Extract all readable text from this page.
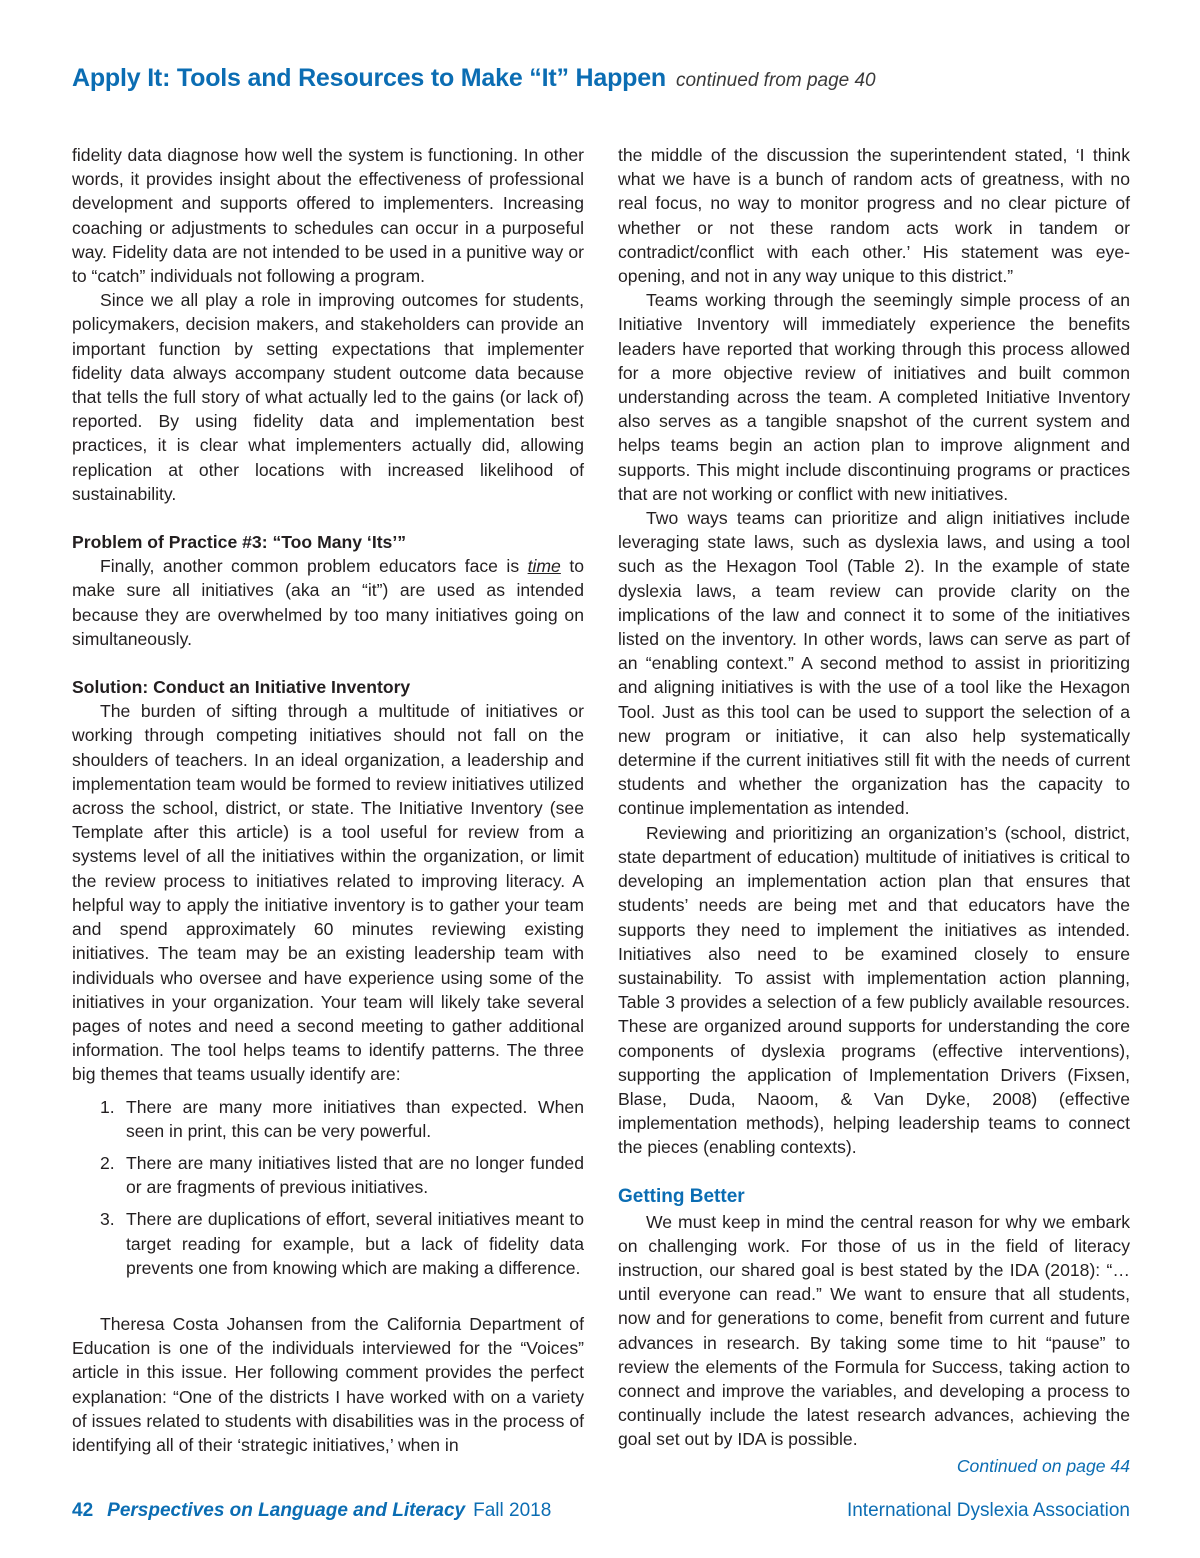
Apply It: Tools and Resources to Make “It” Happen continued from page 40

fidelity data diagnose how well the system is functioning. In other words, it provides insight about the effectiveness of professional development and supports offered to implementers. Increasing coaching or adjustments to schedules can occur in a purposeful way. Fidelity data are not intended to be used in a punitive way or to “catch” individuals not following a program.

Since we all play a role in improving outcomes for students, policymakers, decision makers, and stakeholders can provide an important function by setting expectations that implementer fidelity data always accompany student outcome data because that tells the full story of what actually led to the gains (or lack of) reported. By using fidelity data and implementation best practices, it is clear what implementers actually did, allowing replication at other locations with increased likelihood of sustainability.

Problem of Practice #3: “Too Many ‘Its’”

Finally, another common problem educators face is time to make sure all initiatives (aka an “it”) are used as intended because they are overwhelmed by too many initiatives going on simultaneously.

Solution: Conduct an Initiative Inventory

The burden of sifting through a multitude of initiatives or working through competing initiatives should not fall on the shoulders of teachers. In an ideal organization, a leadership and implementation team would be formed to review initiatives utilized across the school, district, or state. The Initiative Inventory (see Template after this article) is a tool useful for review from a systems level of all the initiatives within the organization, or limit the review process to initiatives related to improving literacy. A helpful way to apply the initiative inventory is to gather your team and spend approximately 60 minutes reviewing existing initiatives. The team may be an existing leadership team with individuals who oversee and have experience using some of the initiatives in your organization. Your team will likely take several pages of notes and need a second meeting to gather additional information. The tool helps teams to identify patterns. The three big themes that teams usually identify are:

1. There are many more initiatives than expected. When seen in print, this can be very powerful.
2. There are many initiatives listed that are no longer funded or are fragments of previous initiatives.
3. There are duplications of effort, several initiatives meant to target reading for example, but a lack of fidelity data prevents one from knowing which are making a difference.

Theresa Costa Johansen from the California Department of Education is one of the individuals interviewed for the “Voices” article in this issue. Her following comment provides the perfect explanation: “One of the districts I have worked with on a variety of issues related to students with disabilities was in the process of identifying all of their ‘strategic initiatives,’ when in

the middle of the discussion the superintendent stated, ‘I think what we have is a bunch of random acts of greatness, with no real focus, no way to monitor progress and no clear picture of whether or not these random acts work in tandem or contradict/conflict with each other.’ His statement was eye-opening, and not in any way unique to this district.”

Teams working through the seemingly simple process of an Initiative Inventory will immediately experience the benefits leaders have reported that working through this process allowed for a more objective review of initiatives and built common understanding across the team. A completed Initiative Inventory also serves as a tangible snapshot of the current system and helps teams begin an action plan to improve alignment and supports. This might include discontinuing programs or practices that are not working or conflict with new initiatives.

Two ways teams can prioritize and align initiatives include leveraging state laws, such as dyslexia laws, and using a tool such as the Hexagon Tool (Table 2). In the example of state dyslexia laws, a team review can provide clarity on the implications of the law and connect it to some of the initiatives listed on the inventory. In other words, laws can serve as part of an “enabling context.” A second method to assist in prioritizing and aligning initiatives is with the use of a tool like the Hexagon Tool. Just as this tool can be used to support the selection of a new program or initiative, it can also help systematically determine if the current initiatives still fit with the needs of current students and whether the organization has the capacity to continue implementation as intended.

Reviewing and prioritizing an organization’s (school, district, state department of education) multitude of initiatives is critical to developing an implementation action plan that ensures that students’ needs are being met and that educators have the supports they need to implement the initiatives as intended. Initiatives also need to be examined closely to ensure sustainability. To assist with implementation action planning, Table 3 provides a selection of a few publicly available resources. These are organized around supports for understanding the core components of dyslexia programs (effective interventions), supporting the application of Implementation Drivers (Fixsen, Blase, Duda, Naoom, & Van Dyke, 2008) (effective implementation methods), helping leadership teams to connect the pieces (enabling contexts).

Getting Better

We must keep in mind the central reason for why we embark on challenging work. For those of us in the field of literacy instruction, our shared goal is best stated by the IDA (2018): “… until everyone can read.” We want to ensure that all students, now and for generations to come, benefit from current and future advances in research. By taking some time to hit “pause” to review the elements of the Formula for Success, taking action to connect and improve the variables, and developing a process to continually include the latest research advances, achieving the goal set out by IDA is possible.

Continued on page 44
42 Perspectives on Language and Literacy Fall 2018	International Dyslexia Association
